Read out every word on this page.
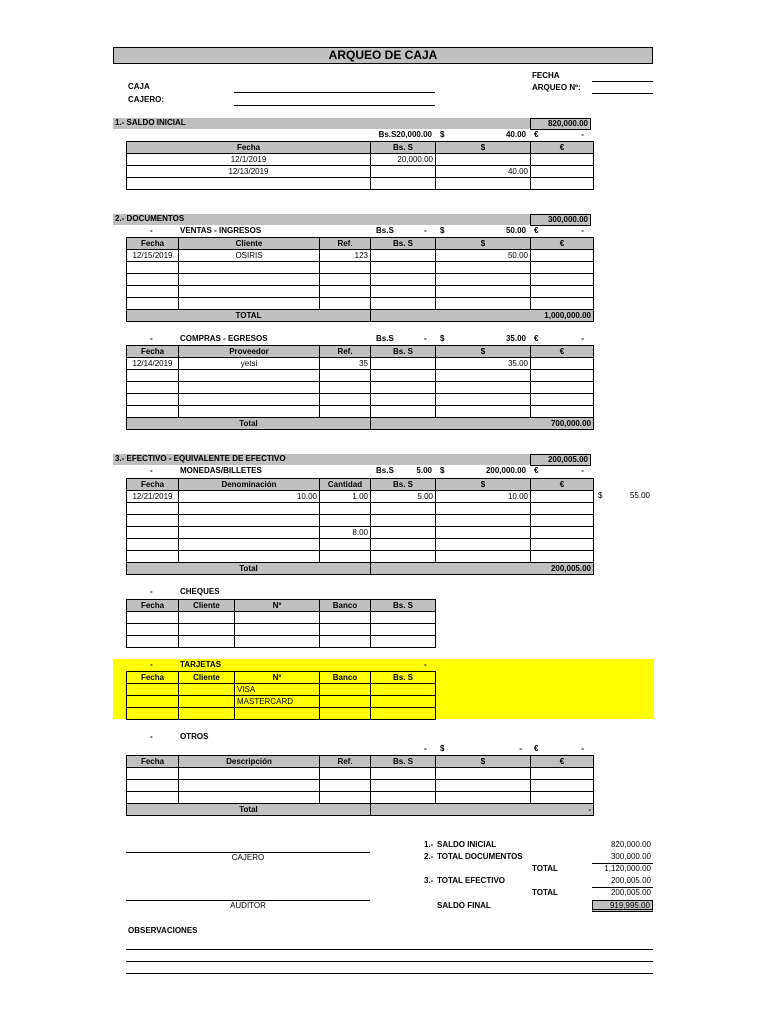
ARQUEO DE CAJA
CAJA
CAJERO:
FECHA
ARQUEO Nº:
1.- SALDO INICIAL	820,000.00
Bs.S20,000.00 $	40.00 €	-
Fecha	Bs. S	$	€
12/1/2019	20,000.00		
12/13/2019		40.00	

2.- DOCUMENTOS	300,000.00
-	VENTAS - INGRESOS	Bs.S	- $	50.00 €	-
Fecha	Cliente	Ref.	Bs. S	$	€
12/15/2019	OSIRIS	123		50.00	

TOTAL			1,000,000.00		
-	COMPRAS - EGRESOS	Bs.S	- $	35.00 €	-
Fecha	Proveedor	Ref.	Bs. S	$	€
12/14/2019	yetsi	35		35.00	

Total			700,000.00		
3.- EFECTIVO - EQUIVALENTE DE EFECTIVO	200,005.00
-	MONEDAS/BILLETES	Bs.S	5.00 $	200,000.00 €	-
Fecha	Denominación	Cantidad	Bs. S	$	€
12/21/2019	10.00	1.00	5.00	10.00	

		8.00			

Total			200,005.00		
$	55.00
-	CHEQUES
Fecha	Cliente	Nº	Banco	Bs. S

-	TARJETAS	-
Fecha	Cliente	Nº	Banco	Bs. S
		VISA		
		MASTERCARD		

-	OTROS
- $	- €	-
Fecha	Descripción	Ref.	Bs. S	$	€

Total			-		
CAJERO
AUDITOR
1.- SALDO INICIAL	820,000.00
2.- TOTAL DOCUMENTOS	300,000.00
TOTAL	1,120,000.00
3.- TOTAL EFECTIVO	200,005.00
TOTAL	200,005.00
SALDO FINAL	919,995.00
OBSERVACIONES
